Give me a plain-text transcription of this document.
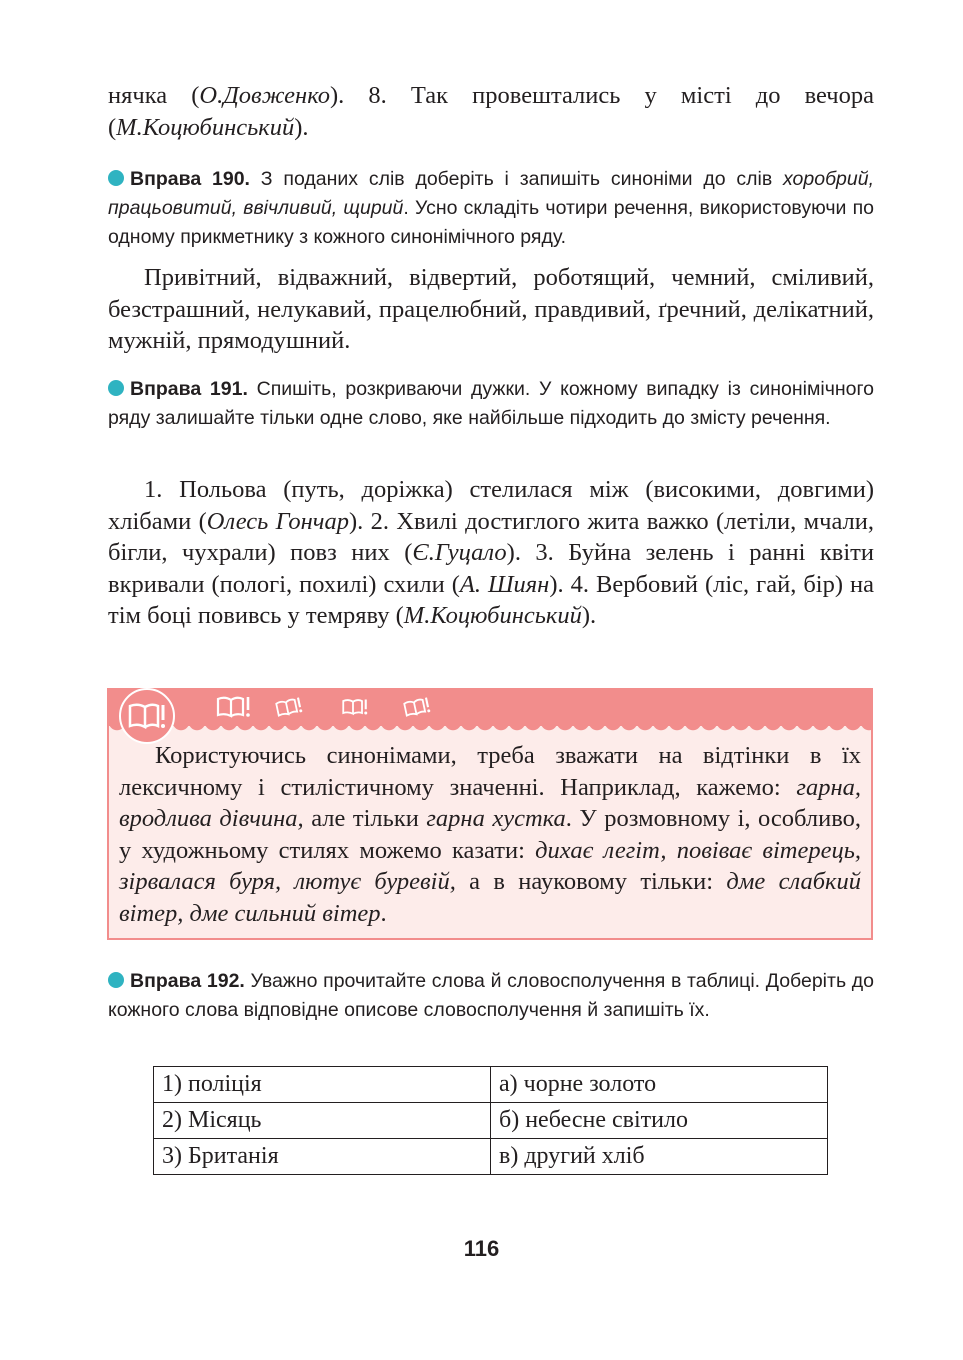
нячка (О.Довженко). 8. Так провештались у місті до вечора (М.Коцюбинський).
Вправа 190. З поданих слів доберіть і запишіть синоніми до слів хоробрий, працьовитий, ввічливий, щирий. Усно складіть чотири речення, використовуючи по одному прикметнику з кожного синонімічного ряду.
Привітний, відважний, відвертий, роботящий, чемний, сміливий, безстрашний, нелукавий, працелюбний, правдивий, ґречний, делікатний, мужній, прямодушний.
Вправа 191. Спишіть, розкриваючи дужки. У кожному випадку із синонімічного ряду залишайте тільки одне слово, яке найбільше підходить до змісту речення.
1. Польова (путь, доріжка) стелилася між (високими, довгими) хлібами (Олесь Гончар). 2. Хвилі достиглого жита важко (летіли, мчали, бігли, чухрали) повз них (Є.Гуцало). 3. Буйна зелень і ранні квіти вкривали (пологі, похилі) схили (А. Шиян). 4. Вербовий (ліс, гай, бір) на тім боці повивсь у темряву (М.Коцюбинський).
Користуючись синонімами, треба зважати на відтінки в їх лексичному і стилістичному значенні. Наприклад, кажемо: гарна, вродлива дівчина, але тільки гарна хустка. У розмовному і, особливо, у художньому стилях можемо казати: дихає легіт, повіває вітерець, зірвалася буря, лютує буревій, а в науковому тільки: дме слабкий вітер, дме сильний вітер.
Вправа 192. Уважно прочитайте слова й словосполучення в таблиці. Доберіть до кожного слова відповідне описове словосполучення й запишіть їх.
1) поліція	а) чорне золото
2) Місяць	б) небесне світило
3) Британія	в) другий хліб
116
